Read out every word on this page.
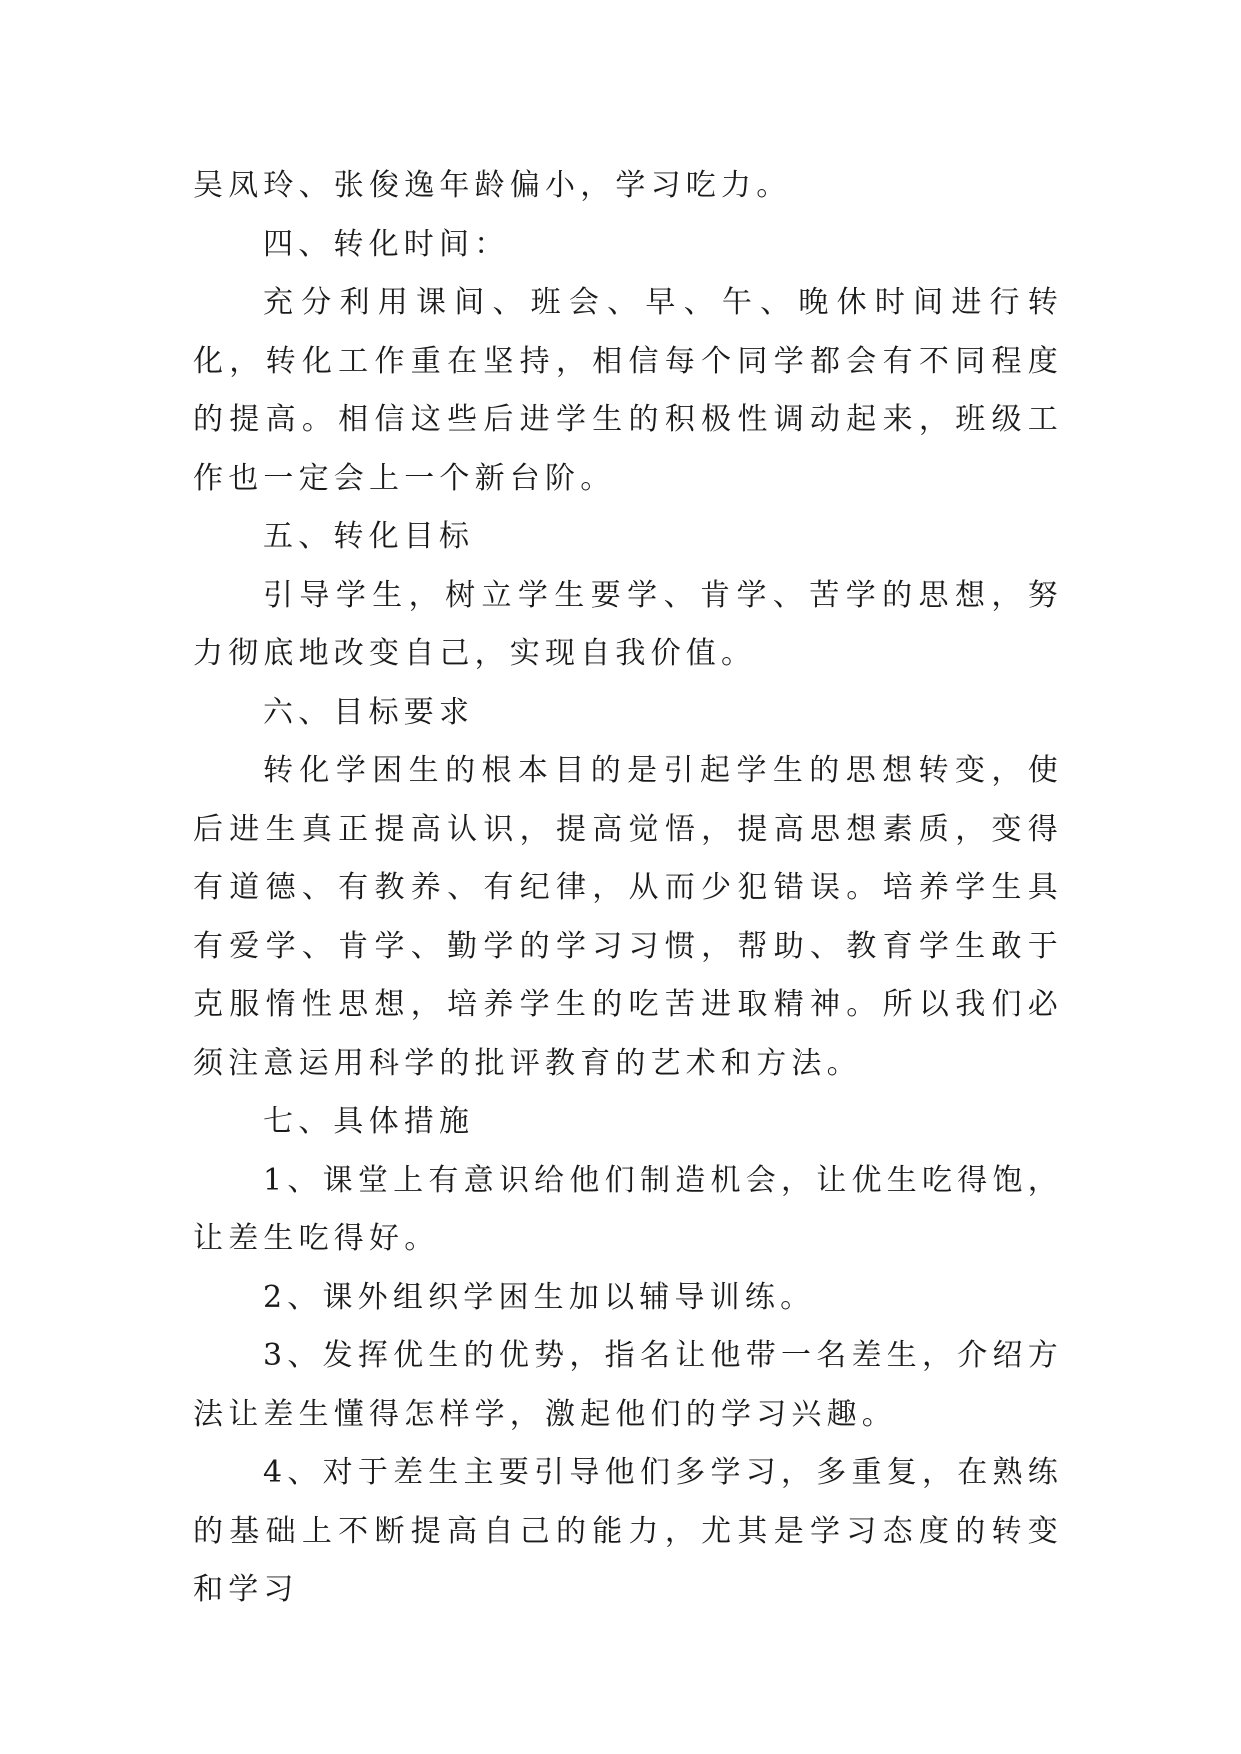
吴凤玲、张俊逸年龄偏小，学习吃力。

四、转化时间：

充分利用课间、班会、早、午、晚休时间进行转化，转化工作重在坚持，相信每个同学都会有不同程度的提高。相信这些后进学生的积极性调动起来，班级工作也一定会上一个新台阶。

五、转化目标

引导学生，树立学生要学、肯学、苦学的思想，努力彻底地改变自己，实现自我价值。

六、目标要求

转化学困生的根本目的是引起学生的思想转变，使后进生真正提高认识，提高觉悟，提高思想素质，变得有道德、有教养、有纪律，从而少犯错误。培养学生具有爱学、肯学、勤学的学习习惯，帮助、教育学生敢于克服惰性思想，培养学生的吃苦进取精神。所以我们必须注意运用科学的批评教育的艺术和方法。

七、具体措施

1、课堂上有意识给他们制造机会，让优生吃得饱，让差生吃得好。

2、课外组织学困生加以辅导训练。

3、发挥优生的优势，指名让他带一名差生，介绍方法让差生懂得怎样学，激起他们的学习兴趣。

4、对于差生主要引导他们多学习，多重复，在熟练的基础上不断提高自己的能力，尤其是学习态度的转变和学习
